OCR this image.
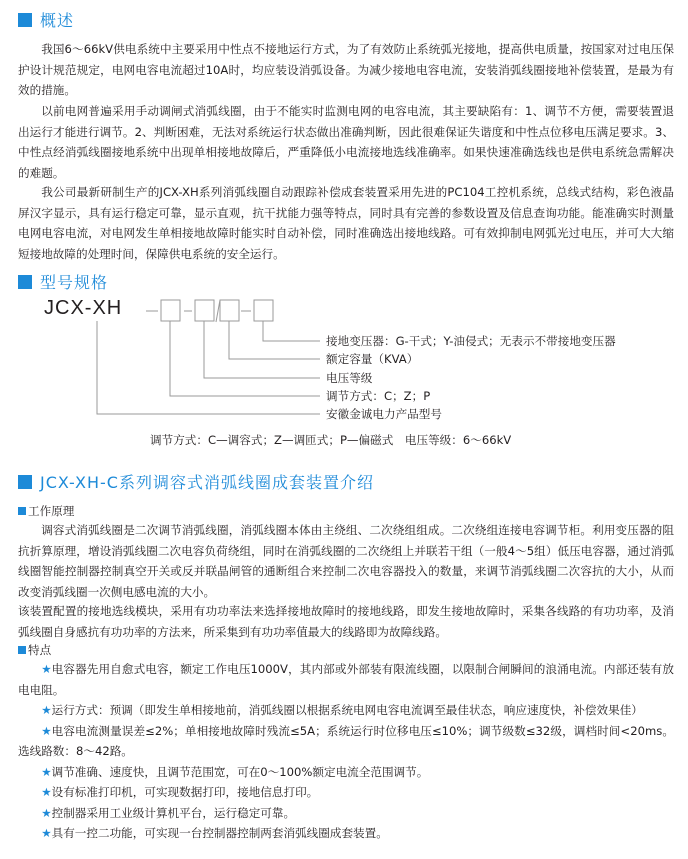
概述

我国6～66kV供电系统中主要采用中性点不接地运行方式，为了有效防止系统弧光接地，提高供电质量，按国家对过电压保护设计规范规定，电网电容电流超过10A时，均应装设消弧设备。为减少接地电容电流，安装消弧线圈接地补偿装置，是最为有效的措施。

以前电网普遍采用手动调闸式消弧线圈，由于不能实时监测电网的电容电流，其主要缺陷有：1、调节不方便，需要装置退出运行才能进行调节。2、判断困难，无法对系统运行状态做出准确判断，因此很难保证失谐度和中性点位移电压满足要求。3、中性点经消弧线圈接地系统中出现单相接地故障后，严重降低小电流接地选线准确率。如果快速准确选线也是供电系统急需解决的难题。

我公司最新研制生产的JCX-XH系列消弧线圈自动跟踪补偿成套装置采用先进的PC104工控机系统，总线式结构，彩色液晶屏汉字显示，具有运行稳定可靠，显示直观，抗干扰能力强等特点，同时具有完善的参数设置及信息查询功能。能准确实时测量电网电容电流，对电网发生单相接地故障时能实时自动补偿，同时准确选出接地线路。可有效抑制电网弧光过电压，并可大大缩短接地故障的处理时间，保障供电系统的安全运行。

型号规格
JCX-XH
接地变压器：G-干式；Y-油侵式；无表示不带接地变压器
额定容量（KVA）
电压等级
调节方式：C；Z；P
安徽金诚电力产品型号
调节方式：C—调容式；Z—调匝式；P—偏磁式　电压等级：6～66kV
JCX-XH-C系列调容式消弧线圈成套装置介绍
工作原理

调容式消弧线圈是二次调节消弧线圈，消弧线圈本体由主绕组、二次绕组组成。二次绕组连接电容调节柜。利用变压器的阻抗折算原理，增设消弧线圈二次电容负荷绕组，同时在消弧线圈的二次绕组上并联若干组（一般4～5组）低压电容器，通过消弧线圈智能控制器控制真空开关或反并联晶闸管的通断组合来控制二次电容器投入的数量，来调节消弧线圈二次容抗的大小，从而改变消弧线圈一次侧电感电流的大小。

该装置配置的接地选线模块，采用有功功率法来选择接地故障时的接地线路，即发生接地故障时，采集各线路的有功功率，及消弧线圈自身感抗有功功率的方法来，所采集到有功功率值最大的线路即为故障线路。

特点
★电容器先用自愈式电容，额定工作电压1000V，其内部或外部装有限流线圈，以限制合闸瞬间的浪涌电流。内部还装有放电电阻。
★运行方式：预调（即发生单相接地前，消弧线圈以根据系统电网电容电流调至最佳状态，响应速度快，补偿效果佳）
★电容电流测量误差≤2%；单相接地故障时残流≤5A；系统运行时位移电压≤10%；调节级数≤32级，调档时间<20ms。选线路数：8～42路。
★调节准确、速度快，且调节范围宽，可在0～100%额定电流全范围调节。
★设有标准打印机，可实现数据打印，接地信息打印。
★控制器采用工业级计算机平台，运行稳定可靠。
★具有一控二功能，可实现一台控制器控制两套消弧线圈成套装置。
